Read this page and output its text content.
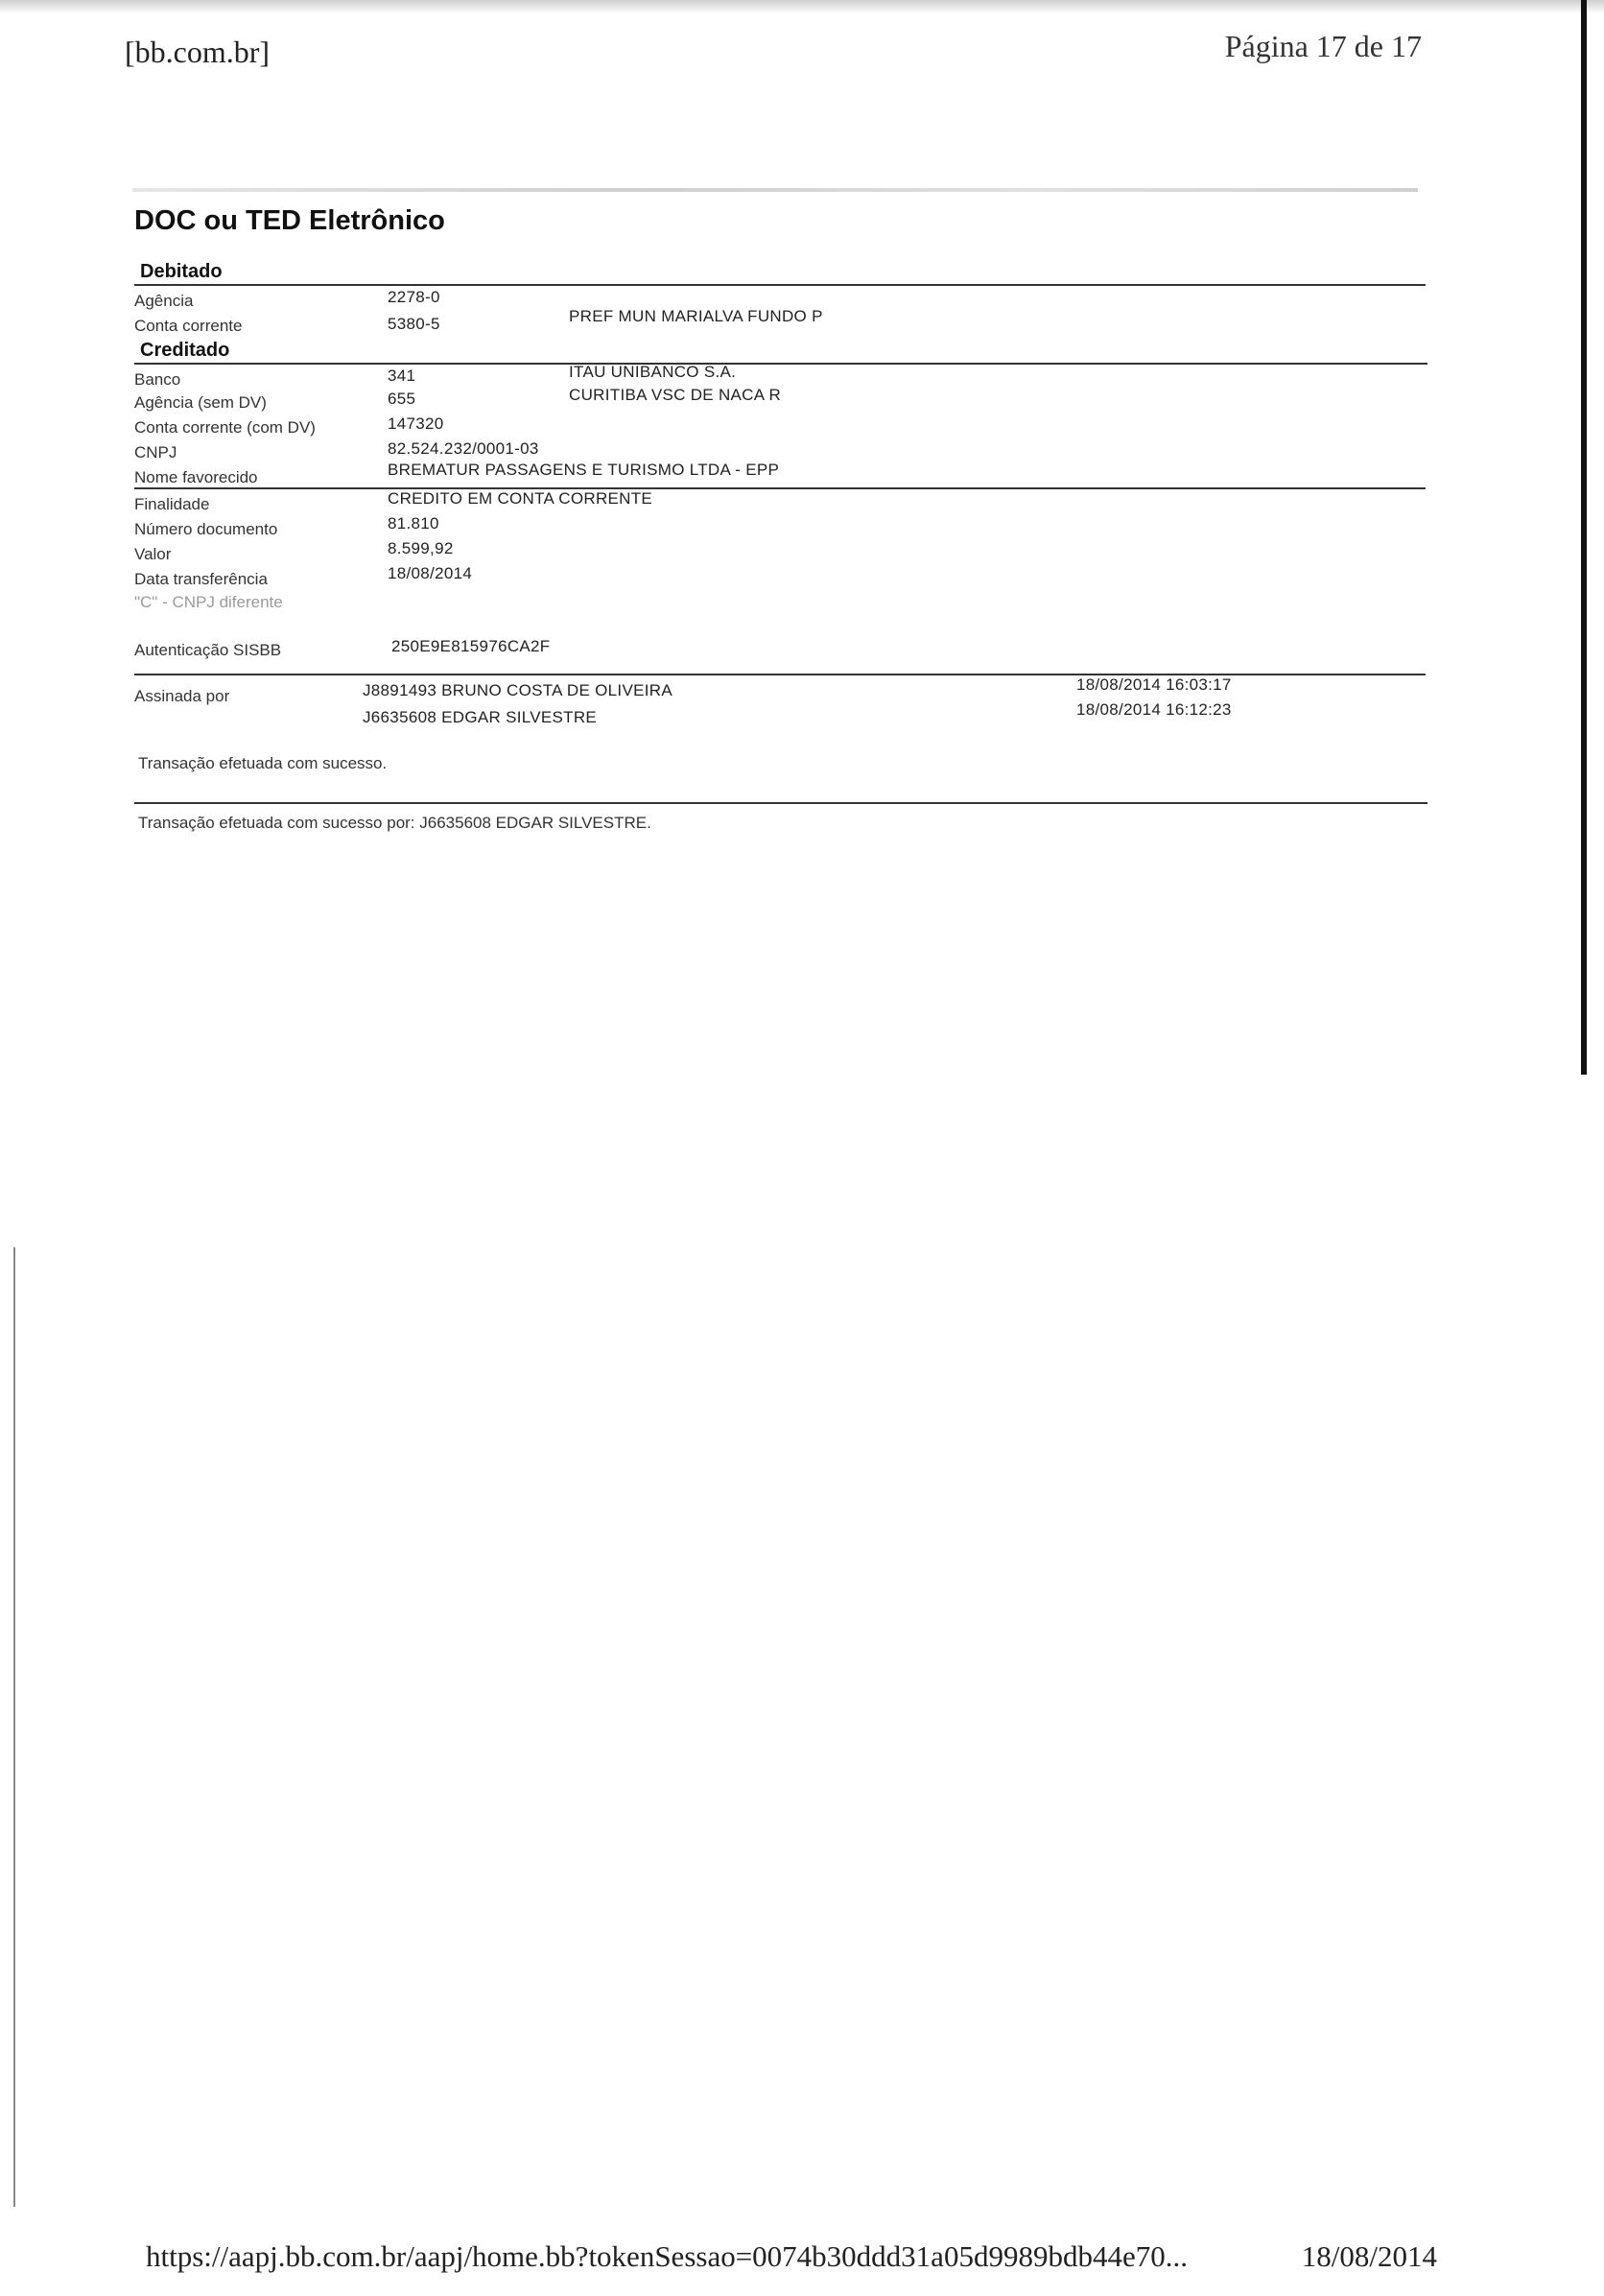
[bb.com.br]	Página 17 de 17
DOC ou TED Eletrônico
Debitado
Agência	2278-0
Conta corrente	5380-5	PREF MUN MARIALVA FUNDO P
Creditado
Banco	341	ITAU UNIBANCO S.A.
Agência (sem DV)	655	CURITIBA VSC DE NACA R
Conta corrente (com DV)	147320
CNPJ	82.524.232/0001-03
Nome favorecido	BREMATUR PASSAGENS E TURISMO LTDA - EPP
Finalidade	CREDITO EM CONTA CORRENTE
Número documento	81.810
Valor	8.599,92
Data transferência	18/08/2014
"C" - CNPJ diferente
Autenticação SISBB	250E9E815976CA2F
Assinada por	J8891493 BRUNO COSTA DE OLIVEIRA	18/08/2014 16:03:17
J6635608 EDGAR SILVESTRE	18/08/2014 16:12:23
Transação efetuada com sucesso.
Transação efetuada com sucesso por: J6635608 EDGAR SILVESTRE.
https://aapj.bb.com.br/aapj/home.bb?tokenSessao=0074b30ddd31a05d9989bdb44e70...	18/08/2014
